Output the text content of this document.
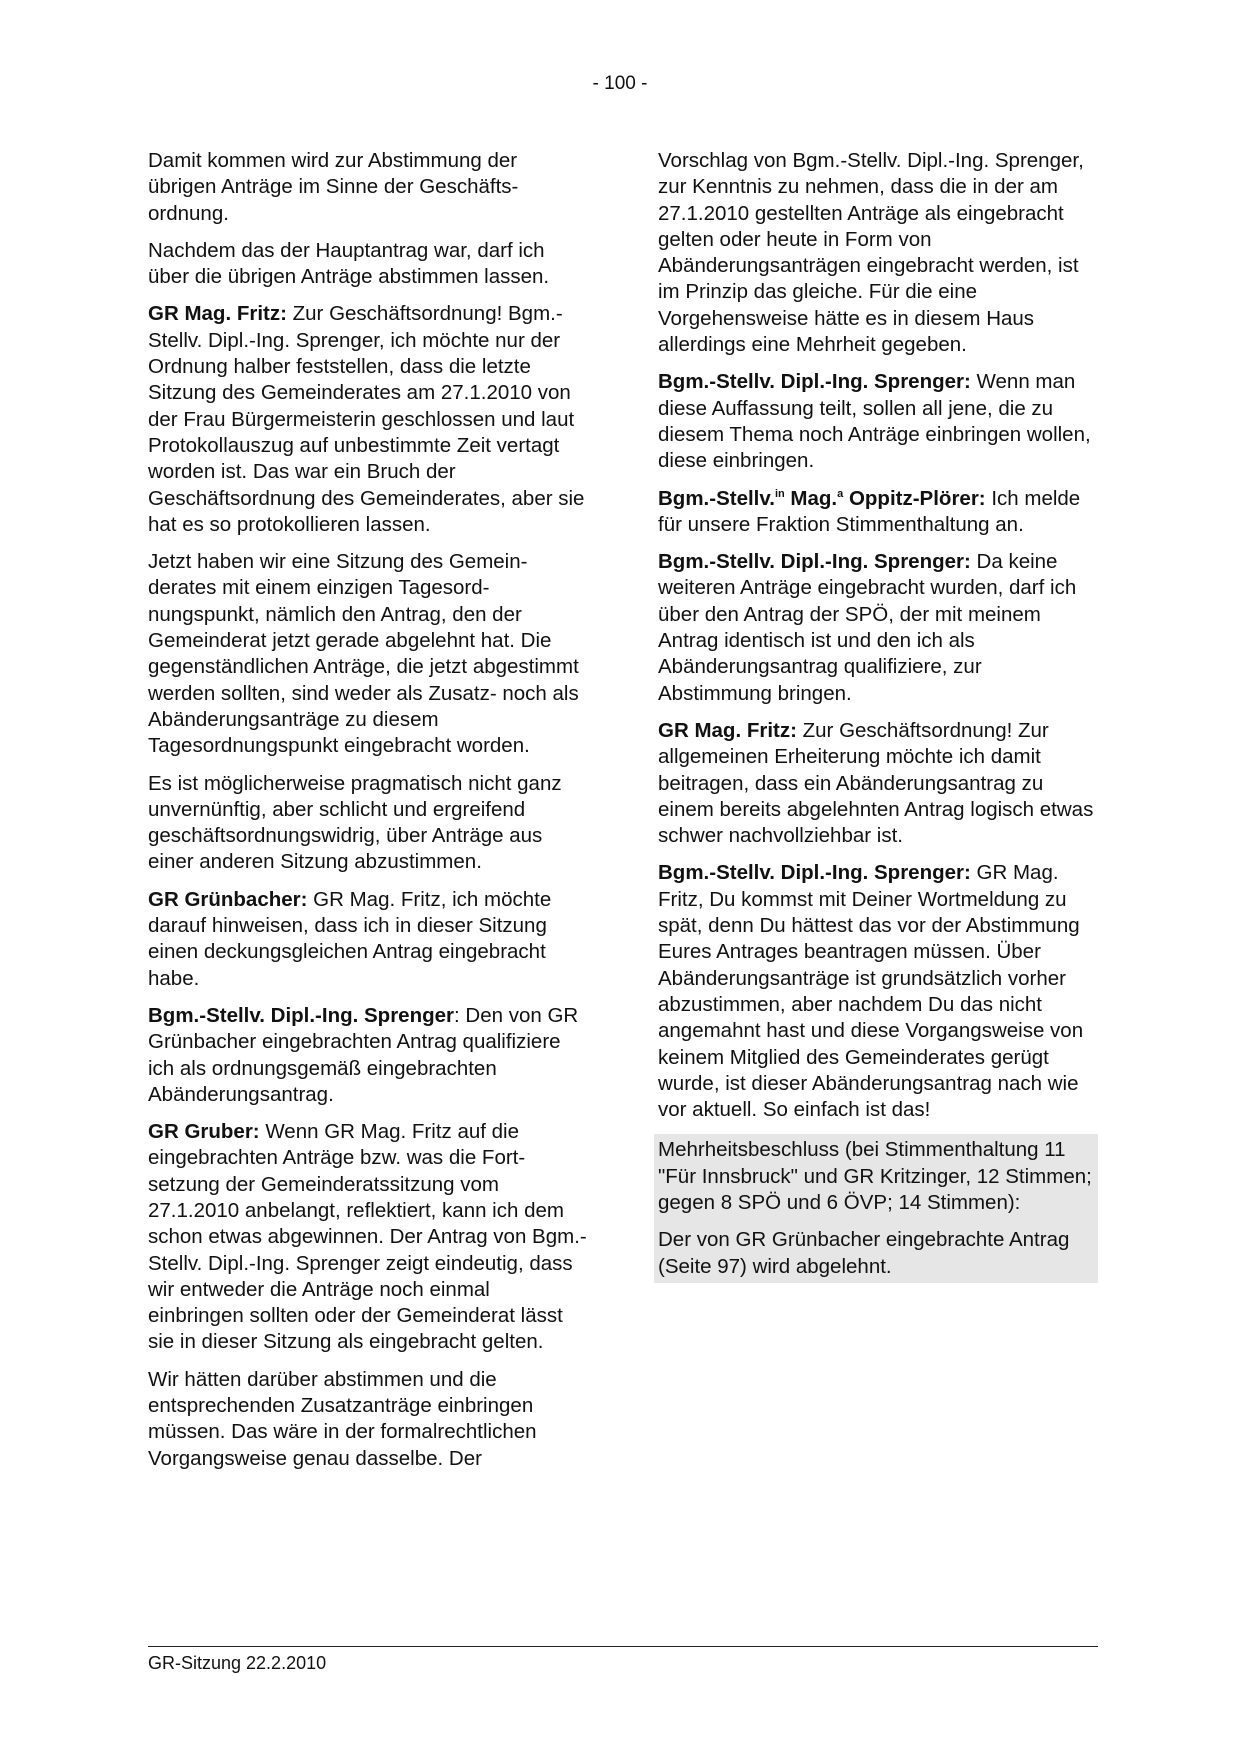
- 100 -

Damit kommen wird zur Abstimmung der übrigen Anträge im Sinne der Geschäftsordnung.

Nachdem das der Hauptantrag war, darf ich über die übrigen Anträge abstimmen lassen.

GR Mag. Fritz: Zur Geschäftsordnung! Bgm.-Stellv. Dipl.-Ing. Sprenger, ich möchte nur der Ordnung halber feststellen, dass die letzte Sitzung des Gemeinderates am 27.1.2010 von der Frau Bürgermeisterin geschlossen und laut Protokollauszug auf unbestimmte Zeit vertagt worden ist. Das war ein Bruch der Geschäftsordnung des Gemeinderates, aber sie hat es so protokollieren lassen.

Jetzt haben wir eine Sitzung des Gemeinderates mit einem einzigen Tagesordnungspunkt, nämlich den Antrag, den der Gemeinderat jetzt gerade abgelehnt hat. Die gegenständlichen Anträge, die jetzt abgestimmt werden sollten, sind weder als Zusatz- noch als Abänderungsanträge zu diesem Tagesordnungspunkt eingebracht worden.

Es ist möglicherweise pragmatisch nicht ganz unvernünftig, aber schlicht und ergreifend geschäftsordnungswidrig, über Anträge aus einer anderen Sitzung abzustimmen.

GR Grünbacher: GR Mag. Fritz, ich möchte darauf hinweisen, dass ich in dieser Sitzung einen deckungsgleichen Antrag eingebracht habe.

Bgm.-Stellv. Dipl.-Ing. Sprenger: Den von GR Grünbacher eingebrachten Antrag qualifiziere ich als ordnungsgemäß eingebrachten Abänderungsantrag.

GR Gruber: Wenn GR Mag. Fritz auf die eingebrachten Anträge bzw. was die Fortsetzung der Gemeinderatssitzung vom 27.1.2010 anbelangt, reflektiert, kann ich dem schon etwas abgewinnen. Der Antrag von Bgm.-Stellv. Dipl.-Ing. Sprenger zeigt eindeutig, dass wir entweder die Anträge noch einmal einbringen sollten oder der Gemeinderat lässt sie in dieser Sitzung als eingebracht gelten.

Wir hätten darüber abstimmen und die entsprechenden Zusatzanträge einbringen müssen. Das wäre in der formalrechtlichen Vorgangsweise genau dasselbe. Der

Vorschlag von Bgm.-Stellv. Dipl.-Ing. Sprenger, zur Kenntnis zu nehmen, dass die in der am 27.1.2010 gestellten Anträge als eingebracht gelten oder heute in Form von Abänderungsanträgen eingebracht werden, ist im Prinzip das gleiche. Für die eine Vorgehensweise hätte es in diesem Haus allerdings eine Mehrheit gegeben.

Bgm.-Stellv. Dipl.-Ing. Sprenger: Wenn man diese Auffassung teilt, sollen all jene, die zu diesem Thema noch Anträge einbringen wollen, diese einbringen.

Bgm.-Stellv.$^{in}$ Mag.$^a$ Oppitz-Plörer: Ich melde für unsere Fraktion Stimmenthaltung an.

Bgm.-Stellv. Dipl.-Ing. Sprenger: Da keine weiteren Anträge eingebracht wurden, darf ich über den Antrag der SPÖ, der mit meinem Antrag identisch ist und den ich als Abänderungsantrag qualifiziere, zur Abstimmung bringen.

GR Mag. Fritz: Zur Geschäftsordnung! Zur allgemeinen Erheiterung möchte ich damit beitragen, dass ein Abänderungsantrag zu einem bereits abgelehnten Antrag logisch etwas schwer nachvollziehbar ist.

Bgm.-Stellv. Dipl.-Ing. Sprenger: GR Mag. Fritz, Du kommst mit Deiner Wortmeldung zu spät, denn Du hättest das vor der Abstimmung Eures Antrages beantragen müssen. Über Abänderungsanträge ist grundsätzlich vorher abzustimmen, aber nachdem Du das nicht angemahnt hast und diese Vorgangsweise von keinem Mitglied des Gemeinderates gerügt wurde, ist dieser Abänderungsantrag nach wie vor aktuell. So einfach ist das!

Mehrheitsbeschluss (bei Stimmenthaltung 11 "Für Innsbruck" und GR Kritzinger, 12 Stimmen; gegen 8 SPÖ und 6 ÖVP; 14 Stimmen):

Der von GR Grünbacher eingebrachte Antrag (Seite 97) wird abgelehnt.

GR-Sitzung 22.2.2010
